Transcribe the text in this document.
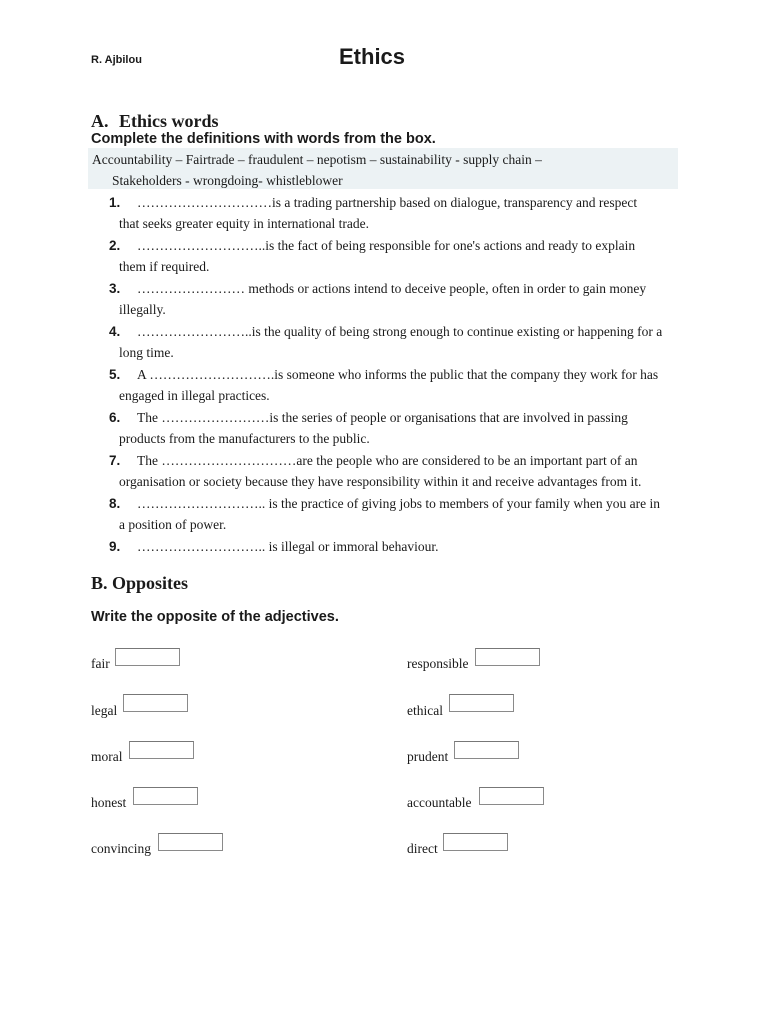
R. Ajbilou	Ethics
A. Ethics words
Complete the definitions with words from the box.
Accountability – Fairtrade – fraudulent – nepotism – sustainability - supply chain –
Stakeholders - wrongdoing- whistleblower
1. …………………………is a trading partnership based on dialogue, transparency and respect
that seeks greater equity in international trade.
2. ………………………..is the fact of being responsible for one's actions and ready to explain
them if required.
3. …………………… methods or actions intend to deceive people, often in order to gain money
illegally.
4. ……………………..is the quality of being strong enough to continue existing or happening for a
long time.
5. A ……………………….is someone who informs the public that the company they work for has
engaged in illegal practices.
6. The ……………………is the series of people or organisations that are involved in passing
products from the manufacturers to the public.
7. The …………………………are the people who are considered to be an important part of an
organisation or society because they have responsibility within it and receive advantages from it.
8. ……………………….. is the practice of giving jobs to members of your family when you are in
a position of power.
9. ……………………….. is illegal or immoral behaviour.
B. Opposites
Write the opposite of the adjectives.
fair
legal
moral
honest
convincing
responsible
ethical
prudent
accountable
direct
